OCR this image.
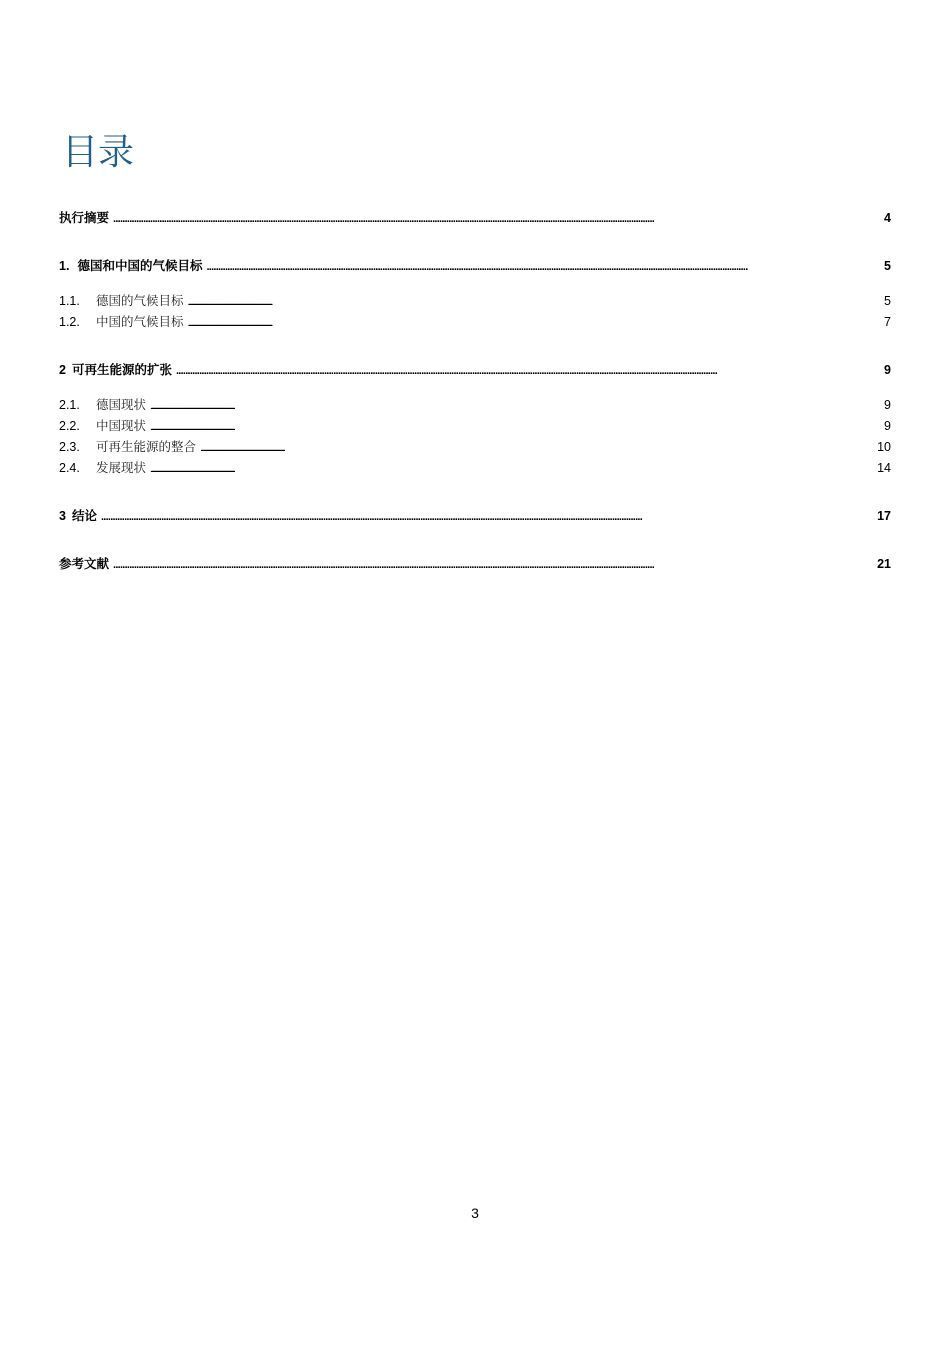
目录
执行摘要 . . .	4
1. 德国和中国的气候目标 . . .	5
1.1.	德国的气候目标 . . .	5
1.2.	中国的气候目标 . . .	7
2 可再生能源的扩张 . . .	9
2.1.	德国现状 . . .	9
2.2.	中国现状 . . .	9
2.3.	可再生能源的整合 . . .	10
2.4.	发展现状 . . .	14
3 结论 . . .	17
参考文献 . . .	21
3
